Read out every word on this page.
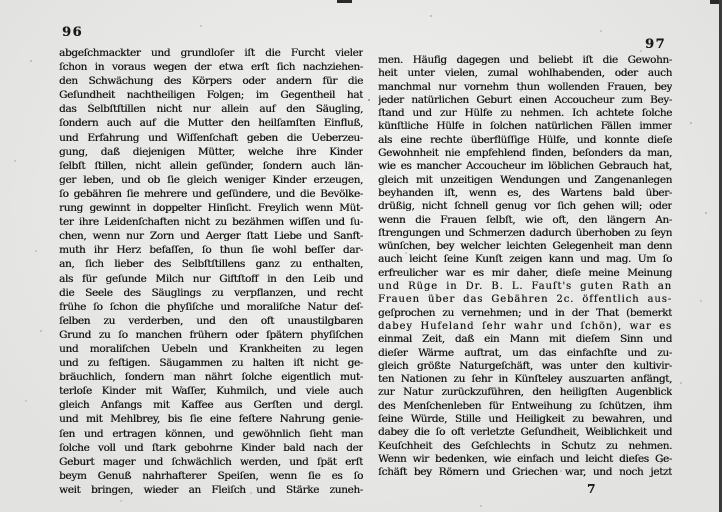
96
abgeſchmackter und grundloſer iſt die Furcht vieler
ſchon in voraus wegen der etwa erſt ſich nachziehen-
den Schwächung des Körpers oder andern für die
Geſundheit nachtheiligen Folgen; im Gegentheil hat
das Selbſtſtillen nicht nur allein auf den Säugling,
ſondern auch auf die Mutter den heilſamſten Einfluß,
und Erfahrung und Wiſſenſchaft geben die Ueberzeu-
gung, daß diejenigen Mütter, welche ihre Kinder
ſelbſt ſtillen, nicht allein geſünder, ſondern auch län-
ger leben, und ob ſie gleich weniger Kinder erzeugen,
ſo gebähren ſie mehrere und geſündere, und die Bevölke-
rung gewinnt in doppelter Hinſicht. Freylich wenn Müt-
ter ihre Leidenſchaften nicht zu bezähmen wiſſen und ſu-
chen, wenn nur Zorn und Aerger ſtatt Liebe und Sanft-
muth ihr Herz befaſſen, ſo thun ſie wohl beſſer dar-
an, ſich lieber des Selbſtſtillens ganz zu enthalten,
als für geſunde Milch nur Giftſtoff in den Leib und
die Seele des Säuglings zu verpflanzen, und recht
frühe ſo ſchon die phyſiſche und moraliſche Natur deſ-
ſelben zu verderben, und den oft unaustilgbaren
Grund zu ſo manchen frühern oder ſpätern phyſiſchen
und moraliſchen Uebeln und Krankheiten zu legen
und zu feſtigen. Säugammen zu halten iſt nicht ge-
bräuchlich, ſondern man nährt ſolche eigentlich mut-
terloſe Kinder mit Waſſer, Kuhmilch, und viele auch
gleich Anfangs mit Kaffee aus Gerſten und dergl.
und mit Mehlbrey, bis ſie eine feſtere Nahrung genie-
ſen und ertragen können, und gewöhnlich ſieht man
ſolche voll und ſtark gebohrne Kinder bald nach der
Geburt mager und ſchwächlich werden, und ſpät erſt
beym Genuß nahrhafterer Speiſen, wenn ſie es ſo
weit bringen, wieder an Fleiſch und Stärke zuneh-
97
men. Häufig dagegen und beliebt iſt die Gewohn-
heit unter vielen, zumal wohlhabenden, oder auch
manchmal nur vornehm thun wollenden Frauen, bey
jeder natürlichen Geburt einen Accoucheur zum Bey-
ſtand und zur Hülfe zu nehmen. Ich achtete ſolche
künſtliche Hülfe in ſolchen natürlichen Fällen immer
als eine rechte überflüſſige Hülfe, und konnte dieſe
Gewohnheit nie empfehlend finden, beſonders da man,
wie es mancher Accoucheur im löblichen Gebrauch hat,
gleich mit unzeitigen Wendungen und Zangenanlegen
beyhanden iſt, wenn es, des Wartens bald über-
drüßig, nicht ſchnell genug vor ſich gehen will; oder
wenn die Frauen ſelbſt, wie oft, den längern An-
ſtrengungen und Schmerzen dadurch überhoben zu ſeyn
wünſchen, bey welcher leichten Gelegenheit man denn
auch leicht ſeine Kunſt zeigen kann und mag. Um ſo
erfreulicher war es mir daher, dieſe meine Meinung
und Rüge in Dr. B. L. Fauſt's guten Rath an
Frauen über das Gebähren 2c. öffentlich aus-
geſprochen zu vernehmen; und in der That (bemerkt
dabey Hufeland ſehr wahr und ſchön), war es
einmal Zeit, daß ein Mann mit dieſem Sinn und
dieſer Wärme auftrat, um das einfachſte und zu-
gleich größte Naturgeſchäft, was unter den kultivir-
ten Nationen zu ſehr in Künſteley auszuarten anfängt,
zur Natur zurückzuführen, den heiligſten Augenblick
des Menſchenleben für Entweihung zu ſchützen, ihm
ſeine Würde, Stille und Heiligkeit zu bewahren, und
dabey die ſo oft verletzte Geſundheit, Weiblichkeit und
Keuſchheit des Geſchlechts in Schutz zu nehmen.
Wenn wir bedenken, wie einfach und leicht dieſes Ge-
ſchäft bey Römern und Griechen war, und noch jetzt
7
